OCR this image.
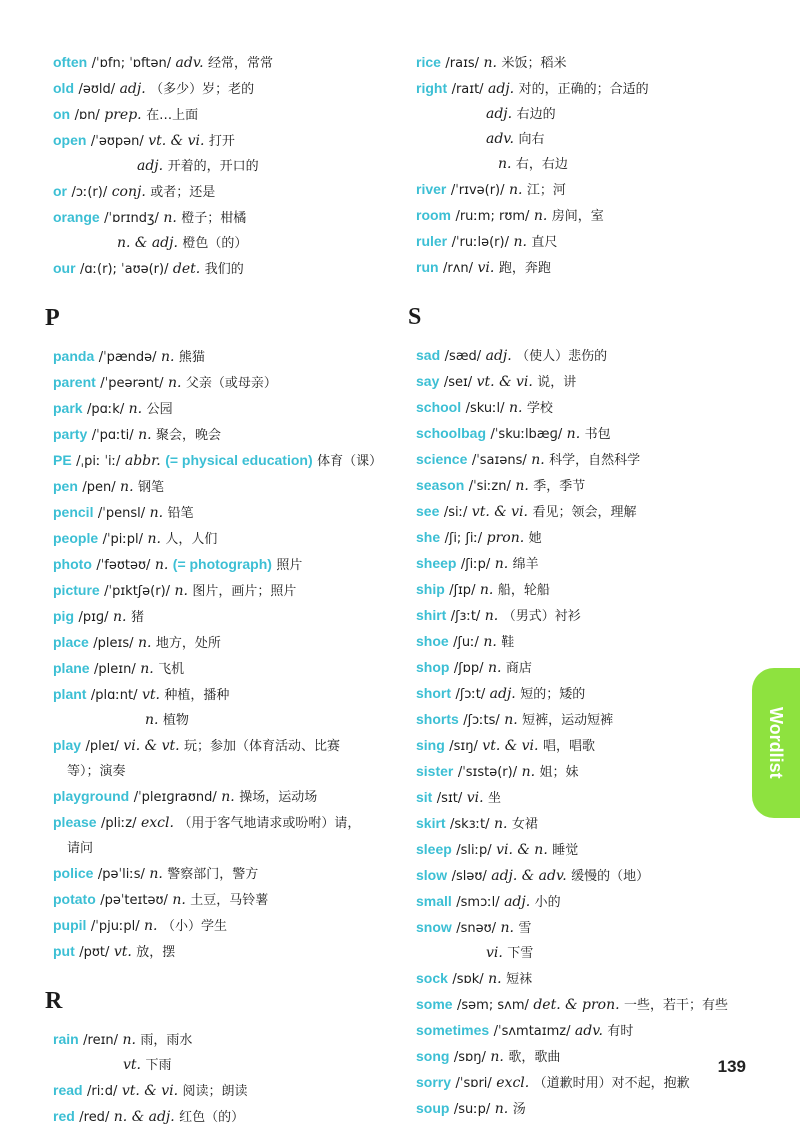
often /ˈɒfn; ˈɒftən/ adv. 经常，常常
old /əʊld/ adj. （多少）岁；老的
on /ɒn/ prep. 在…上面
open /ˈəʊpən/ vt. & vi. 打开
adj. 开着的，开口的
or /ɔː(r)/ conj. 或者；还是
orange /ˈɒrɪndʒ/ n. 橙子；柑橘
n. & adj. 橙色（的）
our /ɑː(r); ˈaʊə(r)/ det. 我们的
P
panda /ˈpændə/ n. 熊猫
parent /ˈpeərənt/ n. 父亲（或母亲）
park /pɑːk/ n. 公园
party /ˈpɑːti/ n. 聚会，晚会
PE /ˌpiː ˈiː/ abbr. (= physical education) 体育（课）
pen /pen/ n. 钢笔
pencil /ˈpensl/ n. 铅笔
people /ˈpiːpl/ n. 人，人们
photo /ˈfəʊtəʊ/ n. (= photograph) 照片
picture /ˈpɪktʃə(r)/ n. 图片，画片；照片
pig /pɪɡ/ n. 猪
place /pleɪs/ n. 地方，处所
plane /pleɪn/ n. 飞机
plant /plɑːnt/ vt. 种植，播种
n. 植物
play /pleɪ/ vi. & vt. 玩；参加（体育活动、比赛
等）；演奏
playground /ˈpleɪɡraʊnd/ n. 操场，运动场
please /pliːz/ excl. （用于客气地请求或吩咐）请，
请问
police /pəˈliːs/ n. 警察部门，警方
potato /pəˈteɪtəʊ/ n. 土豆，马铃薯
pupil /ˈpjuːpl/ n. （小）学生
put /pʊt/ vt. 放，摆
R
rain /reɪn/ n. 雨，雨水
vt. 下雨
read /riːd/ vt. & vi. 阅读；朗读
red /red/ n. & adj. 红色（的）
rice /raɪs/ n. 米饭；稻米
right /raɪt/ adj. 对的，正确的；合适的
adj. 右边的
adv. 向右
n. 右，右边
river /ˈrɪvə(r)/ n. 江；河
room /ruːm; rʊm/ n. 房间，室
ruler /ˈruːlə(r)/ n. 直尺
run /rʌn/ vi. 跑，奔跑
S
sad /sæd/ adj. （使人）悲伤的
say /seɪ/ vt. & vi. 说，讲
school /skuːl/ n. 学校
schoolbag /ˈskuːlbæɡ/ n. 书包
science /ˈsaɪəns/ n. 科学，自然科学
season /ˈsiːzn/ n. 季，季节
see /siː/ vt. & vi. 看见；领会，理解
she /ʃi; ʃiː/ pron. 她
sheep /ʃiːp/ n. 绵羊
ship /ʃɪp/ n. 船，轮船
shirt /ʃɜːt/ n. （男式）衬衫
shoe /ʃuː/ n. 鞋
shop /ʃɒp/ n. 商店
short /ʃɔːt/ adj. 短的；矮的
shorts /ʃɔːts/ n. 短裤，运动短裤
sing /sɪŋ/ vt. & vi. 唱，唱歌
sister /ˈsɪstə(r)/ n. 姐；妹
sit /sɪt/ vi. 坐
skirt /skɜːt/ n. 女裙
sleep /sliːp/ vi. & n. 睡觉
slow /sləʊ/ adj. & adv. 缓慢的（地）
small /smɔːl/ adj. 小的
snow /snəʊ/ n. 雪
vi. 下雪
sock /sɒk/ n. 短袜
some /səm; sʌm/ det. & pron. 一些，若干；有些
sometimes /ˈsʌmtaɪmz/ adv. 有时
song /sɒŋ/ n. 歌，歌曲
sorry /ˈsɒri/ excl. （道歉时用）对不起，抱歉
soup /suːp/ n. 汤
Wordlist
139
